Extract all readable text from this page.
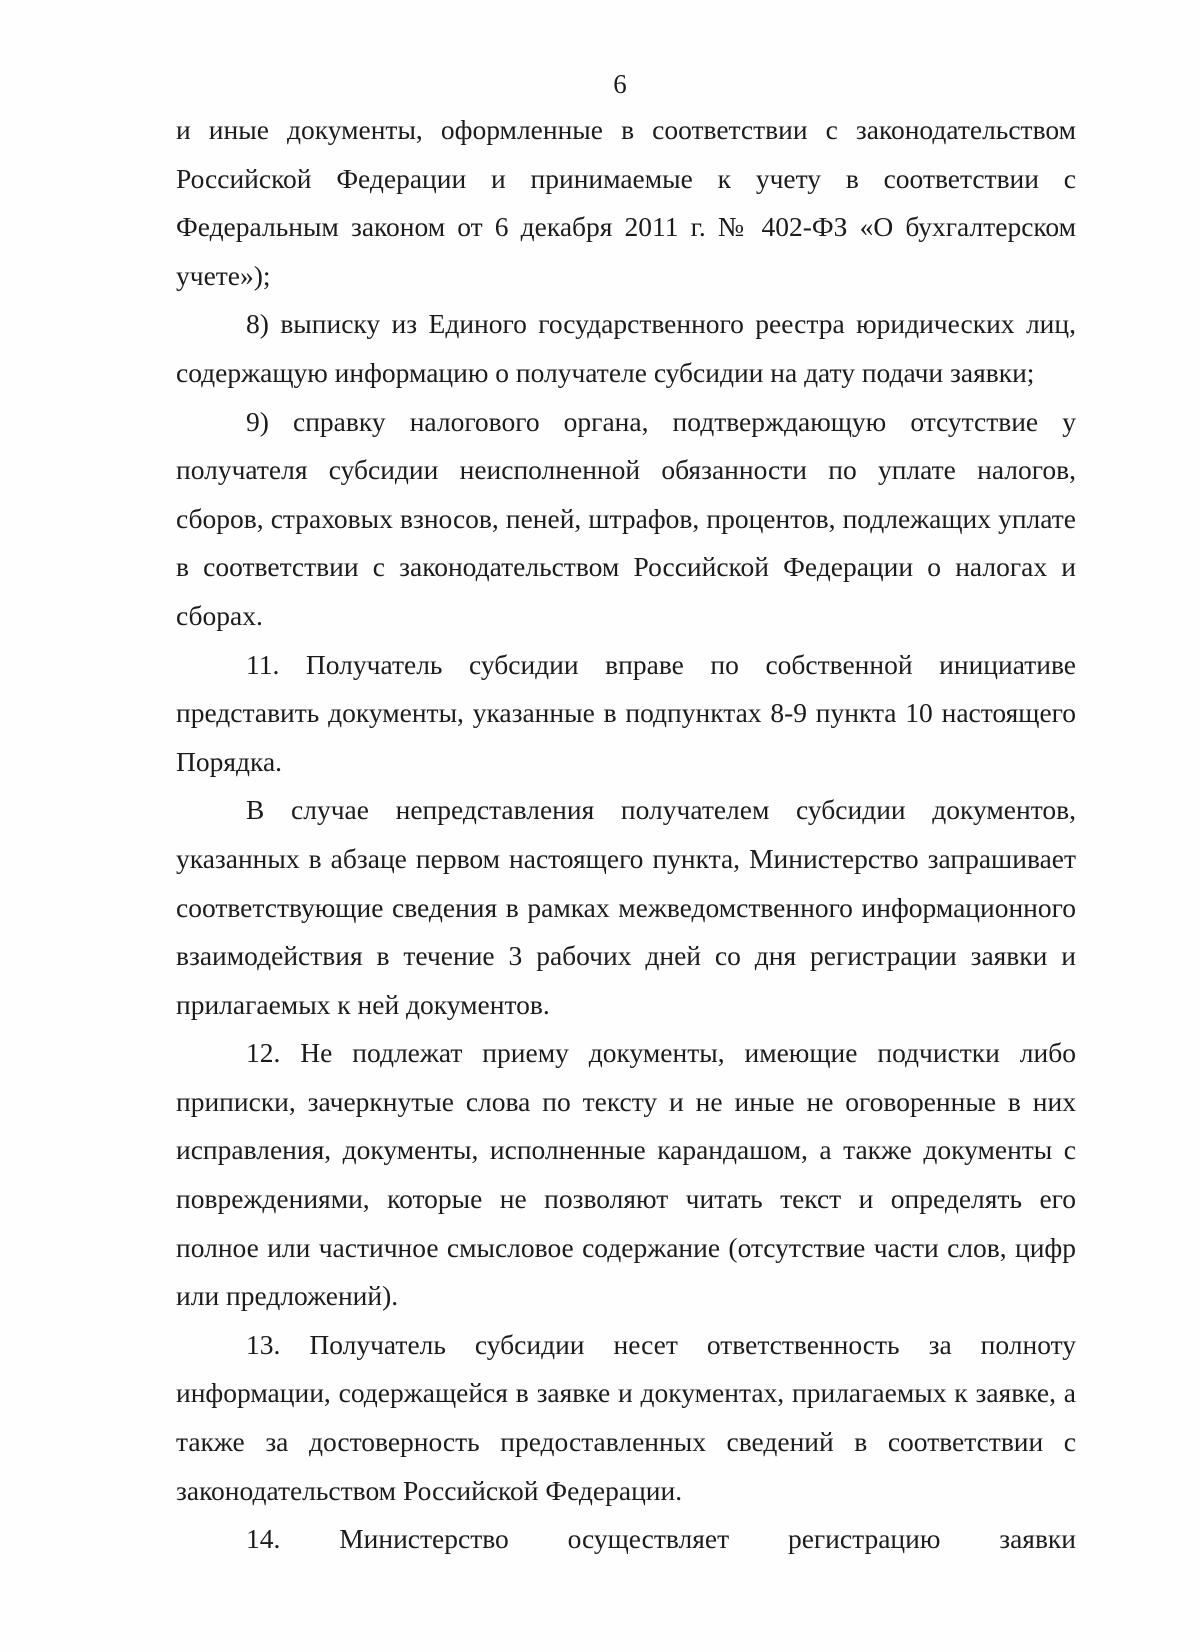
6

и иные документы, оформленные в соответствии с законодательством Российской Федерации и принимаемые к учету в соответствии с Федеральным законом от 6 декабря 2011 г. № 402-ФЗ «О бухгалтерском учете»);

8) выписку из Единого государственного реестра юридических лиц, содержащую информацию о получателе субсидии на дату подачи заявки;

9) справку налогового органа, подтверждающую отсутствие у получателя субсидии неисполненной обязанности по уплате налогов, сборов, страховых взносов, пеней, штрафов, процентов, подлежащих уплате в соответствии с законодательством Российской Федерации о налогах и сборах.

11. Получатель субсидии вправе по собственной инициативе представить документы, указанные в подпунктах 8-9 пункта 10 настоящего Порядка.

В случае непредставления получателем субсидии документов, указанных в абзаце первом настоящего пункта, Министерство запрашивает соответствующие сведения в рамках межведомственного информационного взаимодействия в течение 3 рабочих дней со дня регистрации заявки и прилагаемых к ней документов.

12. Не подлежат приему документы, имеющие подчистки либо приписки, зачеркнутые слова по тексту и не иные не оговоренные в них исправления, документы, исполненные карандашом, а также документы с повреждениями, которые не позволяют читать текст и определять его полное или частичное смысловое содержание (отсутствие части слов, цифр или предложений).

13. Получатель субсидии несет ответственность за полноту информации, содержащейся в заявке и документах, прилагаемых к заявке, а также за достоверность предоставленных сведений в соответствии с законодательством Российской Федерации.

14. Министерство осуществляет регистрацию заявки
